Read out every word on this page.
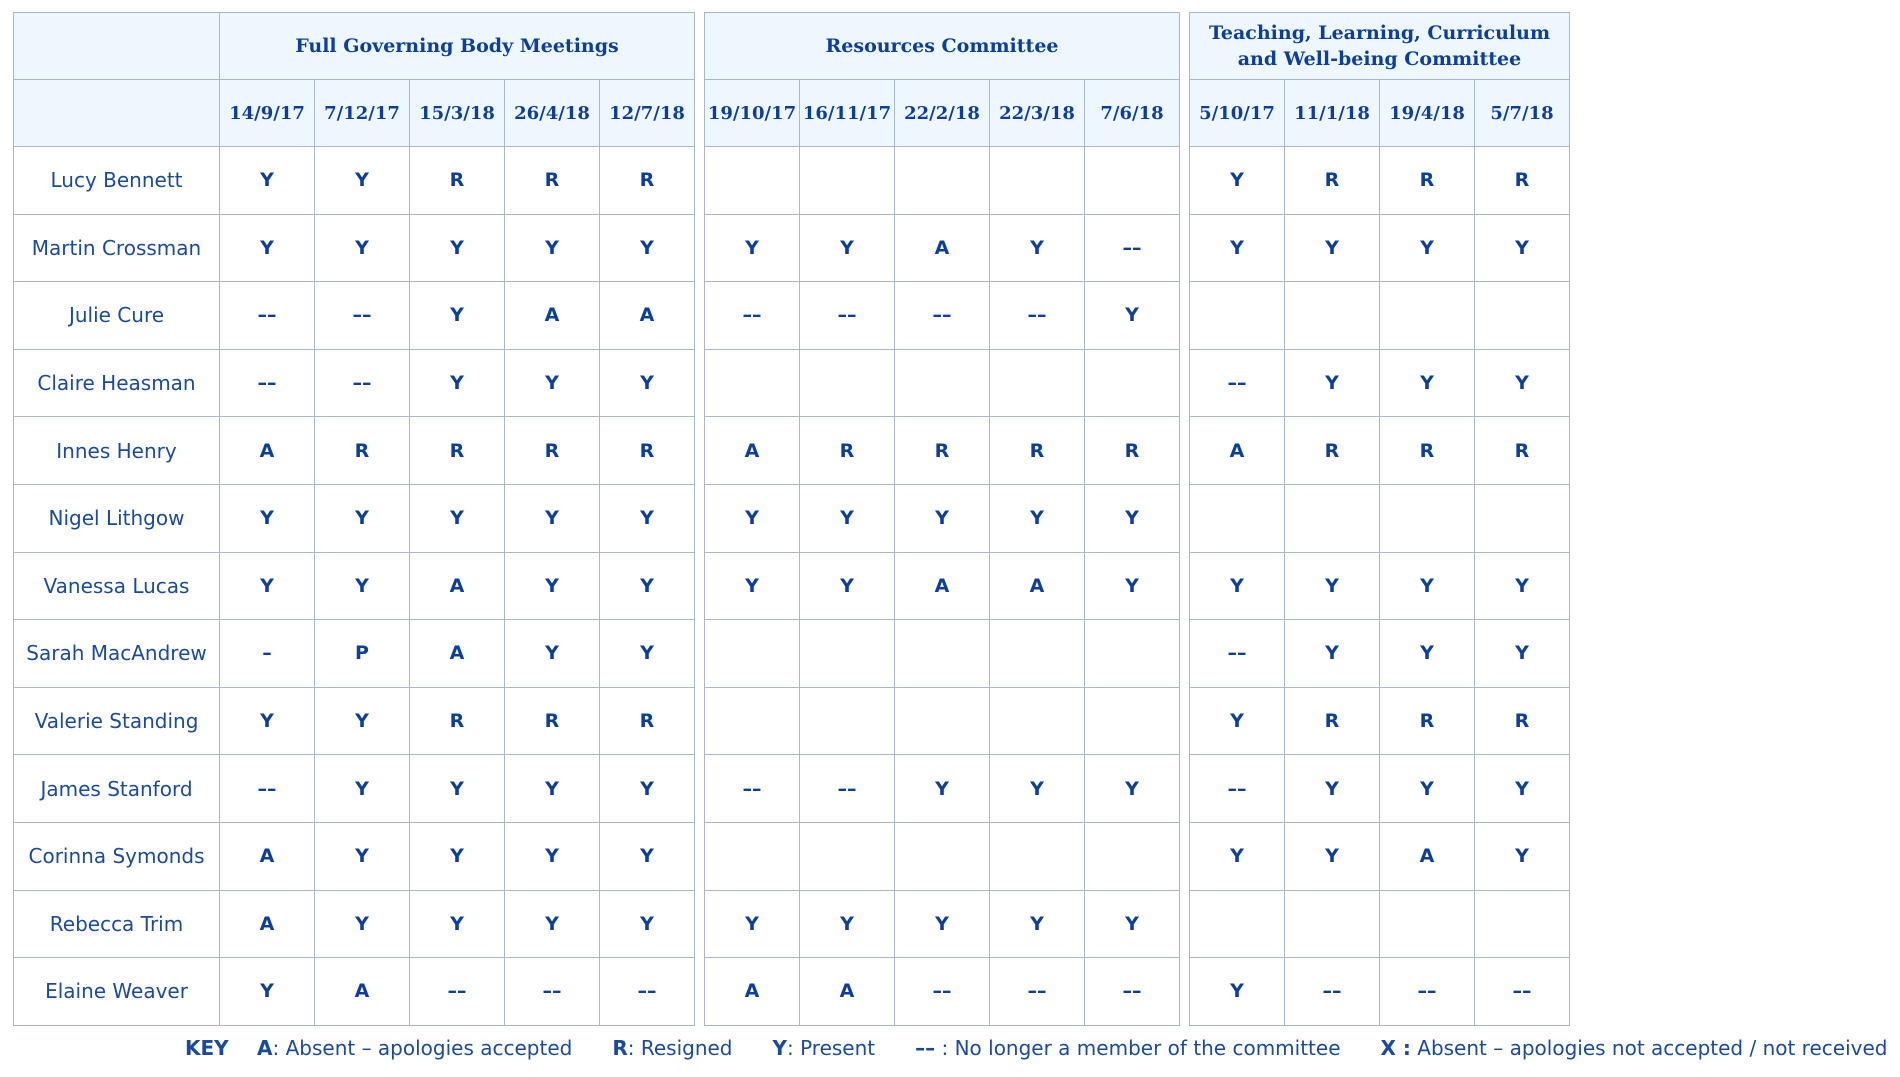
	Full Governing Body Meetings						Resources Committee						Teaching, Learning, Curriculum
and Well-being Committee			
	14/9/17	7/12/17	15/3/18	26/4/18	12/7/18		19/10/17	16/11/17	22/2/18	22/3/18	7/6/18		5/10/17	11/1/18	19/4/18	5/7/18
Lucy Bennett	Y	Y	R	R	R								Y	R	R	R
Martin Crossman	Y	Y	Y	Y	Y		Y	Y	A	Y	––		Y	Y	Y	Y
Julie Cure	––	––	Y	A	A		––	––	––	––	Y					
Claire Heasman	––	––	Y	Y	Y								––	Y	Y	Y
Innes Henry	A	R	R	R	R		A	R	R	R	R		A	R	R	R
Nigel Lithgow	Y	Y	Y	Y	Y		Y	Y	Y	Y	Y					
Vanessa Lucas	Y	Y	A	Y	Y		Y	Y	A	A	Y		Y	Y	Y	Y
Sarah MacAndrew	–	P	A	Y	Y								––	Y	Y	Y
Valerie Standing	Y	Y	R	R	R								Y	R	R	R
James Stanford	––	Y	Y	Y	Y		––	––	Y	Y	Y		––	Y	Y	Y
Corinna Symonds	A	Y	Y	Y	Y								Y	Y	A	Y
Rebecca Trim	A	Y	Y	Y	Y		Y	Y	Y	Y	Y					
Elaine Weaver	Y	A	––	––	––		A	A	––	––	––		Y	––	––	––
KEY A: Absent – apologies accepted R: Resigned Y: Present –– : No longer a member of the committee X : Absent – apologies not accepted / not received
